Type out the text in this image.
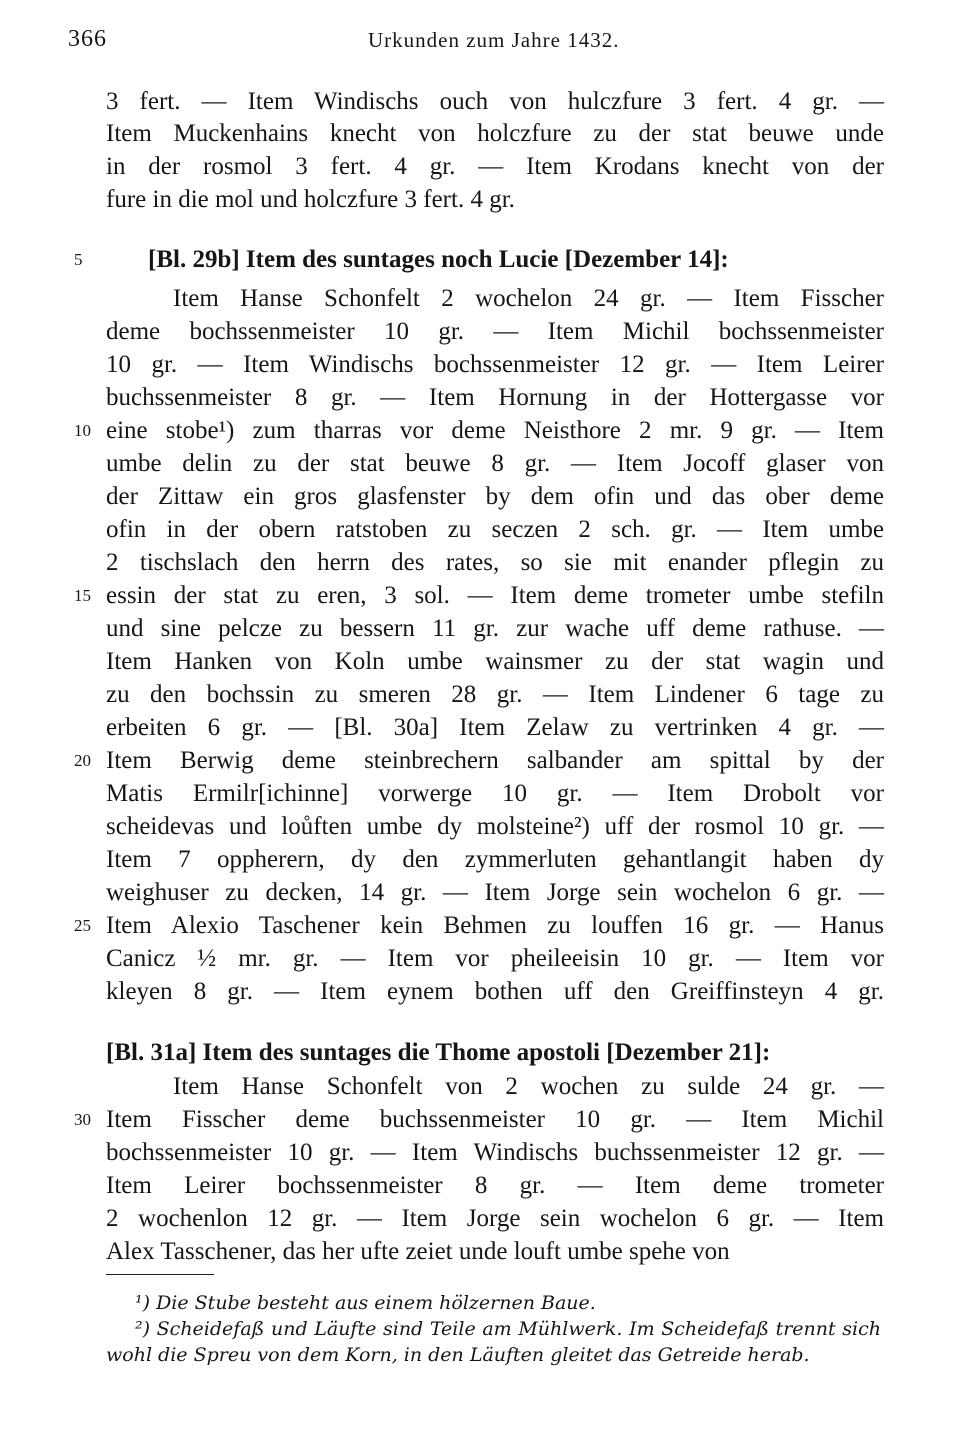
366	Urkunden zum Jahre 1432.
3 fert. — Item Windischs ouch von hulczfure 3 fert. 4 gr. —
Item Muckenhains knecht von holczfure zu der stat beuwe unde
in der rosmol 3 fert. 4 gr. — Item Krodans knecht von der
fure in die mol und holczfure 3 fert. 4 gr.
5	[Bl. 29b] Item des suntages noch Lucie [Dezember 14]:
Item Hanse Schonfelt 2 wochelon 24 gr. — Item Fisscher
deme bochssenmeister 10 gr. — Item Michil bochssenmeister
10 gr. — Item Windischs bochssenmeister 12 gr. — Item Leirer
buchssenmeister 8 gr. — Item Hornung in der Hottergasse vor
10 eine stobe¹) zum tharras vor deme Neisthore 2 mr. 9 gr. — Item
umbe delin zu der stat beuwe 8 gr. — Item Jocoff glaser von
der Zittaw ein gros glasfenster by dem ofin und das ober deme
ofin in der obern ratstoben zu seczen 2 sch. gr. — Item umbe
2 tischslach den herrn des rates, so sie mit enander pflegin zu
15 essin der stat zu eren, 3 sol. — Item deme trometer umbe stefiln
und sine pelcze zu bessern 11 gr. zur wache uff deme rathuse. —
Item Hanken von Koln umbe wainsmer zu der stat wagin und
zu den bochssin zu smeren 28 gr. — Item Lindener 6 tage zu
erbeiten 6 gr. — [Bl. 30a] Item Zelaw zu vertrinken 4 gr. —
20 Item Berwig deme steinbrechern salbander am spittal by der
Matis Ermilr[ichinne] vorwerge 10 gr. — Item Drobolt vor
scheidevas und loůften umbe dy molsteine²) uff der rosmol 10 gr. —
Item 7 oppherern, dy den zymmerluten gehantlangit haben dy
weighuser zu decken, 14 gr. — Item Jorge sein wochelon 6 gr. —
25 Item Alexio Taschener kein Behmen zu louffen 16 gr. — Hanus
Canicz ½ mr. gr. — Item vor pheileeisin 10 gr. — Item vor
kleyen 8 gr. — Item eynem bothen uff den Greiffinsteyn 4 gr.
[Bl. 31a] Item des suntages die Thome apostoli [Dezember 21]:
Item Hanse Schonfelt von 2 wochen zu sulde 24 gr. —
30 Item Fisscher deme buchssenmeister 10 gr. — Item Michil
bochssenmeister 10 gr. — Item Windischs buchssenmeister 12 gr. —
Item Leirer bochssenmeister 8 gr. — Item deme trometer
2 wochenlon 12 gr. — Item Jorge sein wochelon 6 gr. — Item
Alex Tasschener, das her ufte zeiet unde louft umbe spehe von
¹) Die Stube besteht aus einem hölzernen Baue.
²) Scheidefaß und Läufte sind Teile am Mühlwerk. Im Scheidefaß trennt sich
wohl die Spreu von dem Korn, in den Läuften gleitet das Getreide herab.
